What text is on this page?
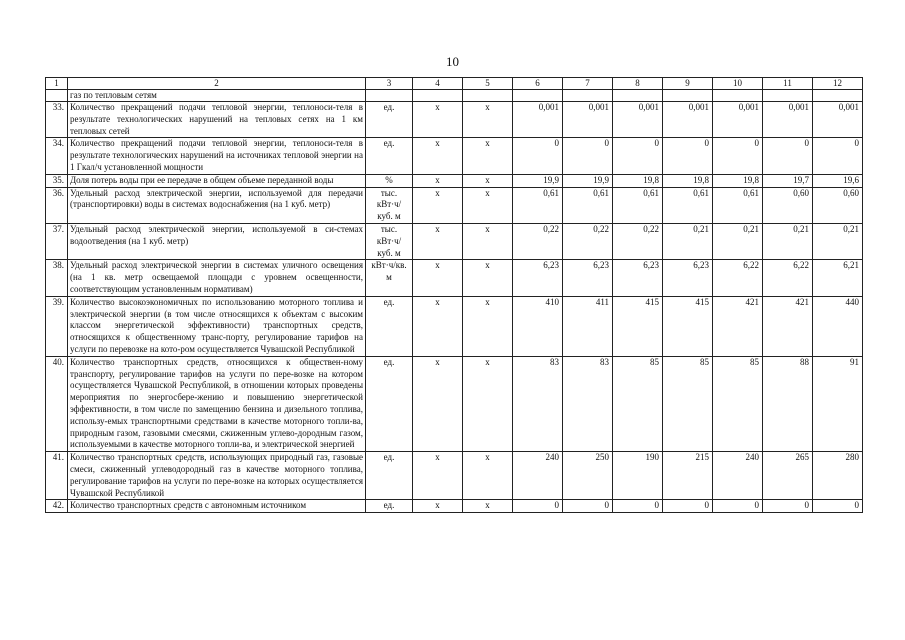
10
1	2	3	4	5	6	7	8	9	10	11	12
	газ по тепловым сетям										
33.	Количество прекращений подачи тепловой энергии, теплоноси-теля в результате технологических нарушений на тепловых сетях на 1 км тепловых сетей	ед.	х	х	0,001	0,001	0,001	0,001	0,001	0,001	0,001
34.	Количество прекращений подачи тепловой энергии, теплоноси-теля в результате технологических нарушений на источниках тепловой энергии на 1 Гкал/ч установленной мощности	ед.	х	х	0	0	0	0	0	0	0
35.	Доля потерь воды при ее передаче в общем объеме переданной воды	%	х	х	19,9	19,9	19,8	19,8	19,8	19,7	19,6
36.	Удельный расход электрической энергии, используемой для передачи (транспортировки) воды в системах водоснабжения (на 1 куб. метр)	тыс. кВт·ч/ куб. м	х	х	0,61	0,61	0,61	0,61	0,61	0,60	0,60
37.	Удельный расход электрической энергии, используемой в си-стемах водоотведения (на 1 куб. метр)	тыс. кВт·ч/ куб. м	х	х	0,22	0,22	0,22	0,21	0,21	0,21	0,21
38.	Удельный расход электрической энергии в системах уличного освещения (на 1 кв. метр освещаемой площади с уровнем освещенности, соответствующим установленным нормативам)	кВт·ч/кв. м	х	х	6,23	6,23	6,23	6,23	6,22	6,22	6,21
39.	Количество высокоэкономичных по использованию моторного топлива и электрической энергии (в том числе относящихся к объектам с высоким классом энергетической эффективности) транспортных средств, относящихся к общественному транс-порту, регулирование тарифов на услуги по перевозке на кото-ром осуществляется Чувашской Республикой	ед.	х	х	410	411	415	415	421	421	440
40.	Количество транспортных средств, относящихся к обществен-ному транспорту, регулирование тарифов на услуги по пере-возке на котором осуществляется Чувашской Республикой, в отношении которых проведены мероприятия по энергосбере-жению и повышению энергетической эффективности, в том числе по замещению бензина и дизельного топлива, использу-емых транспортными средствами в качестве моторного топли-ва, природным газом, газовыми смесями, сжиженным углево-дородным газом, используемыми в качестве моторного топли-ва, и электрической энергией	ед.	х	х	83	83	85	85	85	88	91
41.	Количество транспортных средств, использующих природный газ, газовые смеси, сжиженный углеводородный газ в качестве моторного топлива, регулирование тарифов на услуги по пере-возке на которых осуществляется Чувашской Республикой	ед.	х	х	240	250	190	215	240	265	280
42.	Количество транспортных средств с автономным источником	ед.	х	х	0	0	0	0	0	0	0
